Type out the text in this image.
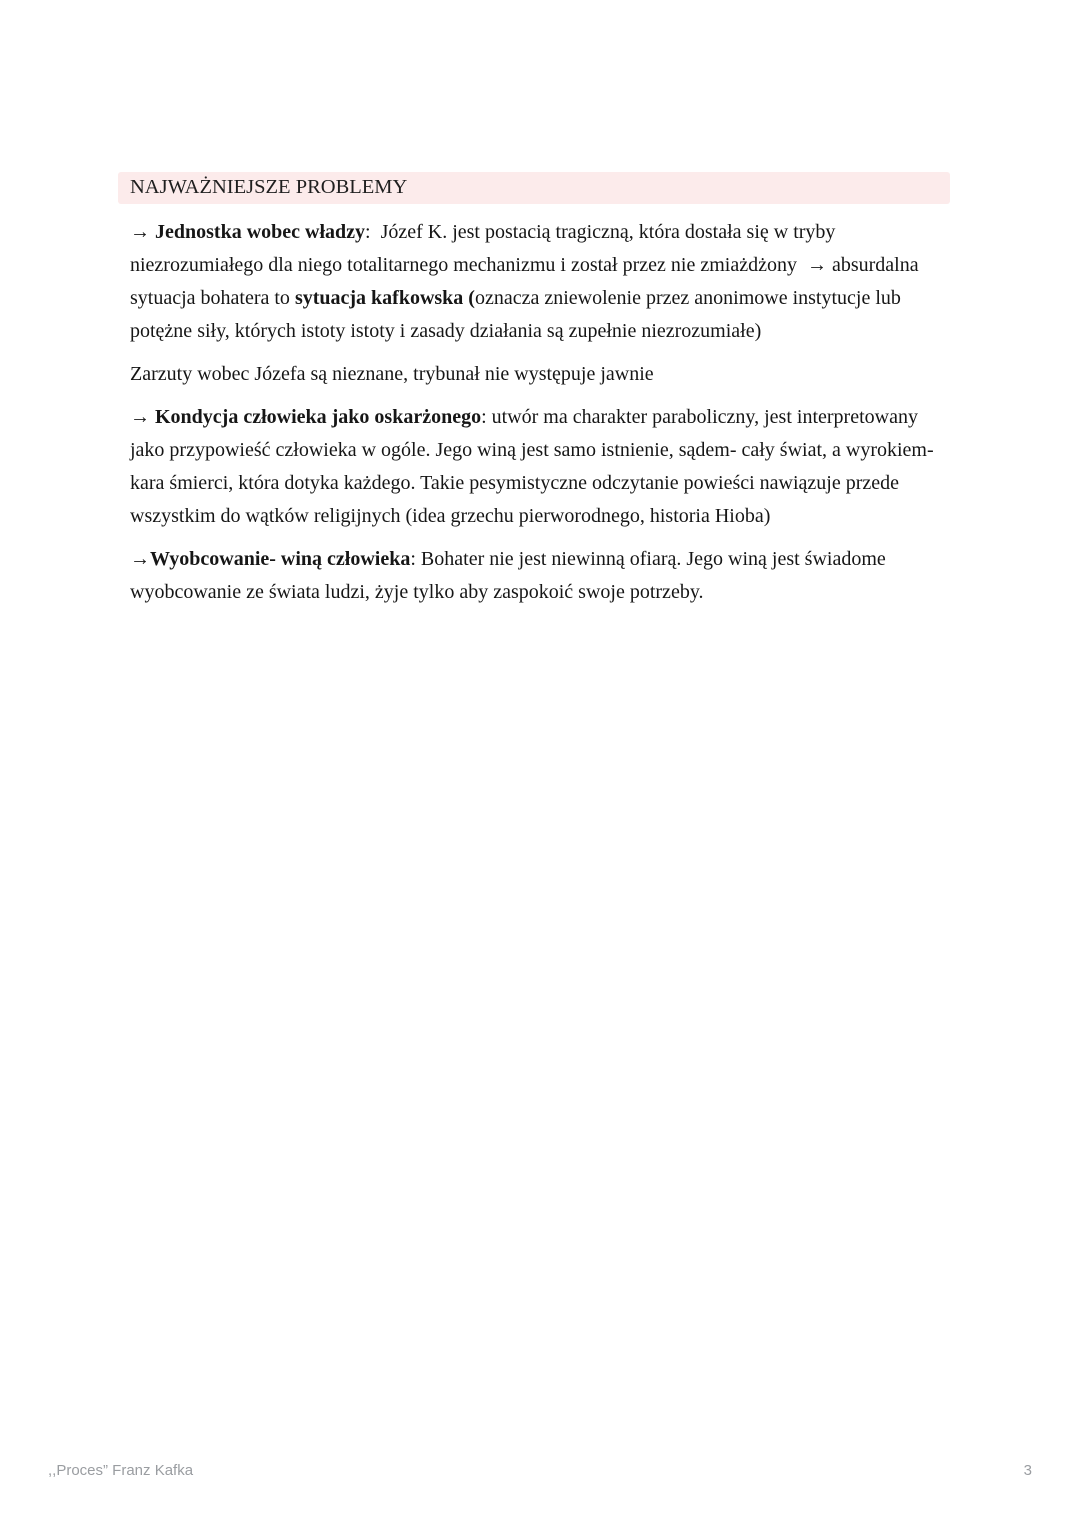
NAJWAŻNIEJSZE PROBLEMY

→ Jednostka wobec władzy:  Józef K. jest postacią tragiczną, która dostała się w tryby niezrozumiałego dla niego totalitarnego mechanizmu i został przez nie zmiażdżony  → absurdalna sytuacja bohatera to sytuacja kafkowska (oznacza zniewolenie przez anonimowe instytucje lub potężne siły, których istoty istoty i zasady działania są zupełnie niezrozumiałe)

Zarzuty wobec Józefa są nieznane, trybunał nie występuje jawnie

→ Kondycja człowieka jako oskarżonego: utwór ma charakter paraboliczny, jest interpretowany jako przypowieść człowieka w ogóle. Jego winą jest samo istnienie, sądem- cały świat, a wyrokiem- kara śmierci, która dotyka każdego. Takie pesymistyczne odczytanie powieści nawiązuje przede wszystkim do wątków religijnych (idea grzechu pierworodnego, historia Hioba)

→Wyobcowanie- winą człowieka: Bohater nie jest niewinną ofiarą. Jego winą jest świadome wyobcowanie ze świata ludzi, żyje tylko aby zaspokoić swoje potrzeby.

,,Proces” Franz Kafka	3
